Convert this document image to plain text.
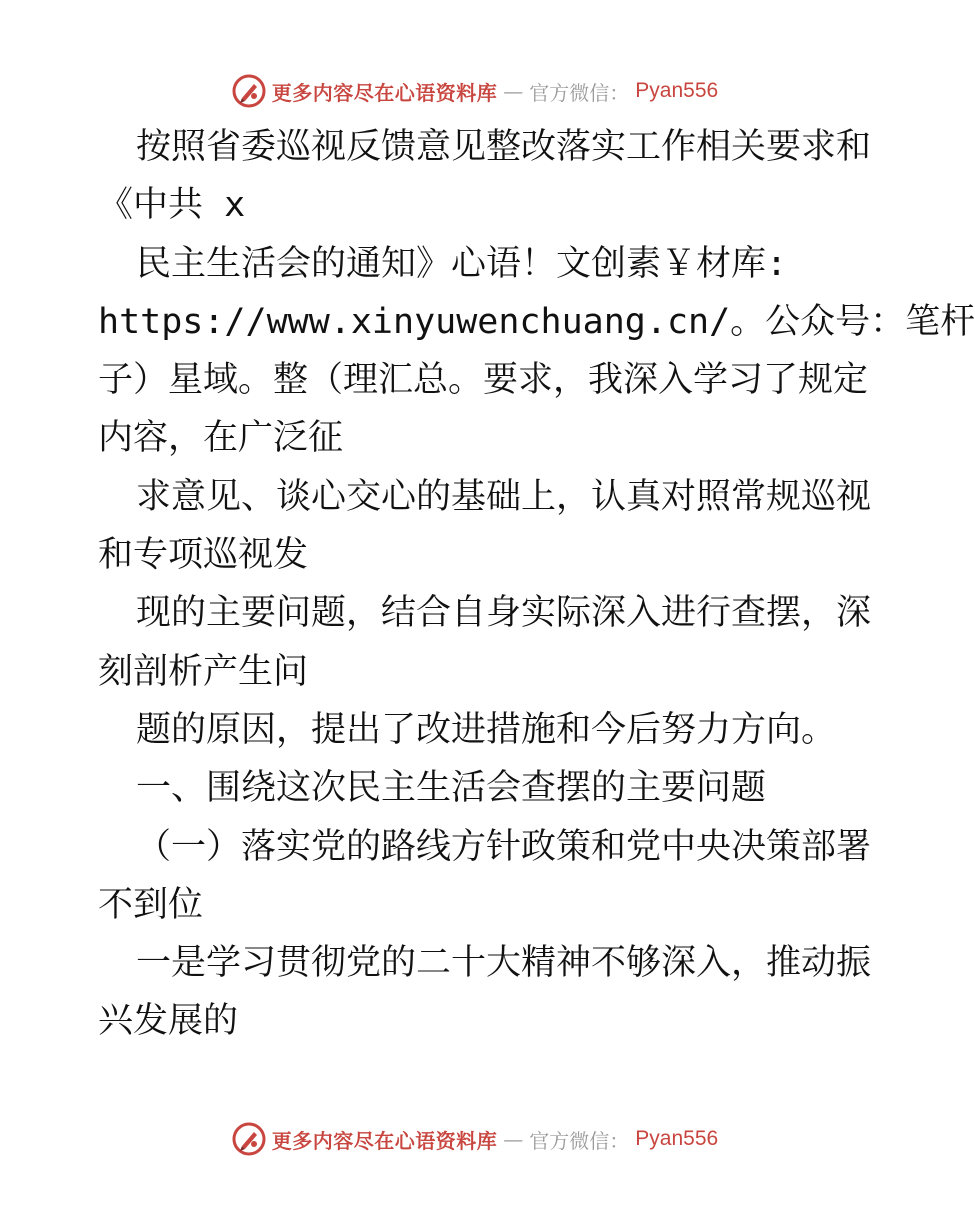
更多内容尽在心语资料库 — 官方微信： Pyan556
按照省委巡视反馈意见整改落实工作相关要求和
《中共 x
民主生活会的通知》心语！文创素￥材库:
https://www.xinyuwenchuang.cn/。公众号：笔杆
子）星域。整（理汇总。要求，我深入学习了规定
内容，在广泛征
求意见、谈心交心的基础上，认真对照常规巡视
和专项巡视发
现的主要问题，结合自身实际深入进行查摆，深
刻剖析产生问
题的原因，提出了改进措施和今后努力方向。
一、围绕这次民主生活会查摆的主要问题
（一）落实党的路线方针政策和党中央决策部署
不到位
一是学习贯彻党的二十大精神不够深入，推动振
兴发展的
更多内容尽在心语资料库 — 官方微信： Pyan556
